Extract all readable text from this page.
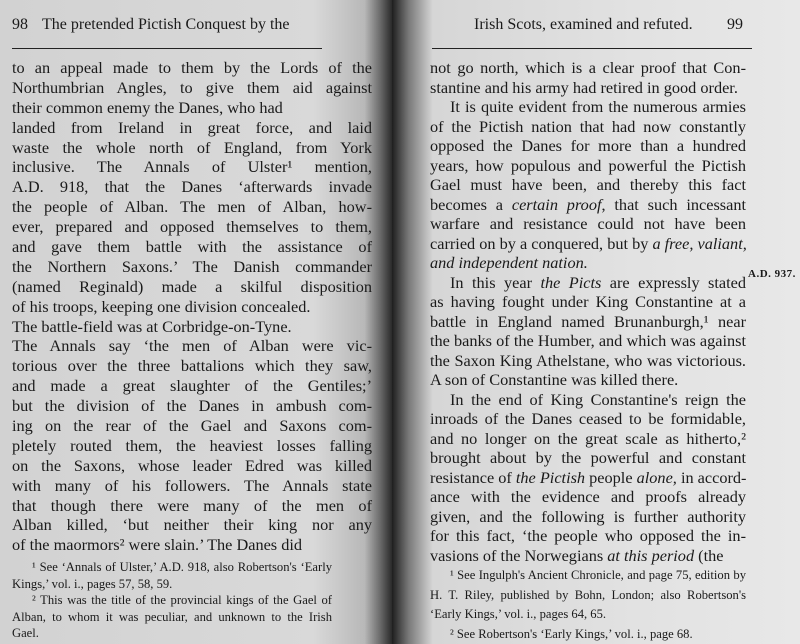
98 The pretended Pictish Conquest by the
to an appeal made to them by the Lords of the
Northumbrian Angles, to give them aid against
their common enemy the Danes, who had
landed from Ireland in great force, and laid
waste the whole north of England, from York
inclusive. The Annals of Ulster¹ mention,
A.D. 918, that the Danes ‘afterwards invade
the people of Alban. The men of Alban, how-
ever, prepared and opposed themselves to them,
and gave them battle with the assistance of
the Northern Saxons.’ The Danish commander
(named Reginald) made a skilful disposition
of his troops, keeping one division concealed.
The battle-field was at Corbridge-on-Tyne.
The Annals say ‘the men of Alban were vic-
torious over the three battalions which they saw,
and made a great slaughter of the Gentiles;’
but the division of the Danes in ambush com-
ing on the rear of the Gael and Saxons com-
pletely routed them, the heaviest losses falling
on the Saxons, whose leader Edred was killed
with many of his followers. The Annals state
that though there were many of the men of
Alban killed, ‘but neither their king nor any
of the maormors² were slain.’ The Danes did
¹ See ‘Annals of Ulster,’ A.D. 918, also Robertson's ‘Early
Kings,’ vol. i., pages 57, 58, 59.
² This was the title of the provincial kings of the Gael of
Alban, to whom it was peculiar, and unknown to the Irish
Gael.
Irish Scots, examined and refuted. 99
not go north, which is a clear proof that Con-
stantine and his army had retired in good order.
It is quite evident from the numerous armies
of the Pictish nation that had now constantly
opposed the Danes for more than a hundred
years, how populous and powerful the Pictish
Gael must have been, and thereby this fact
becomes a certain proof, that such incessant
warfare and resistance could not have been
carried on by a conquered, but by a free, valiant,
and independent nation.
In this year the Picts are expressly stated
as having fought under King Constantine at a
battle in England named Brunanburgh,¹ near
the banks of the Humber, and which was against
the Saxon King Athelstane, who was victorious.
A son of Constantine was killed there.
In the end of King Constantine's reign the
inroads of the Danes ceased to be formidable,
and no longer on the great scale as hitherto,²
brought about by the powerful and constant
resistance of the Pictish people alone, in accord-
ance with the evidence and proofs already
given, and the following is further authority
for this fact, ‘the people who opposed the in-
vasions of the Norwegians at this period (the
A.D. 937.
¹ See Ingulph's Ancient Chronicle, and page 75, edition by
H. T. Riley, published by Bohn, London; also Robertson's
‘Early Kings,’ vol. i., pages 64, 65.
² See Robertson's ‘Early Kings,’ vol. i., page 68.
